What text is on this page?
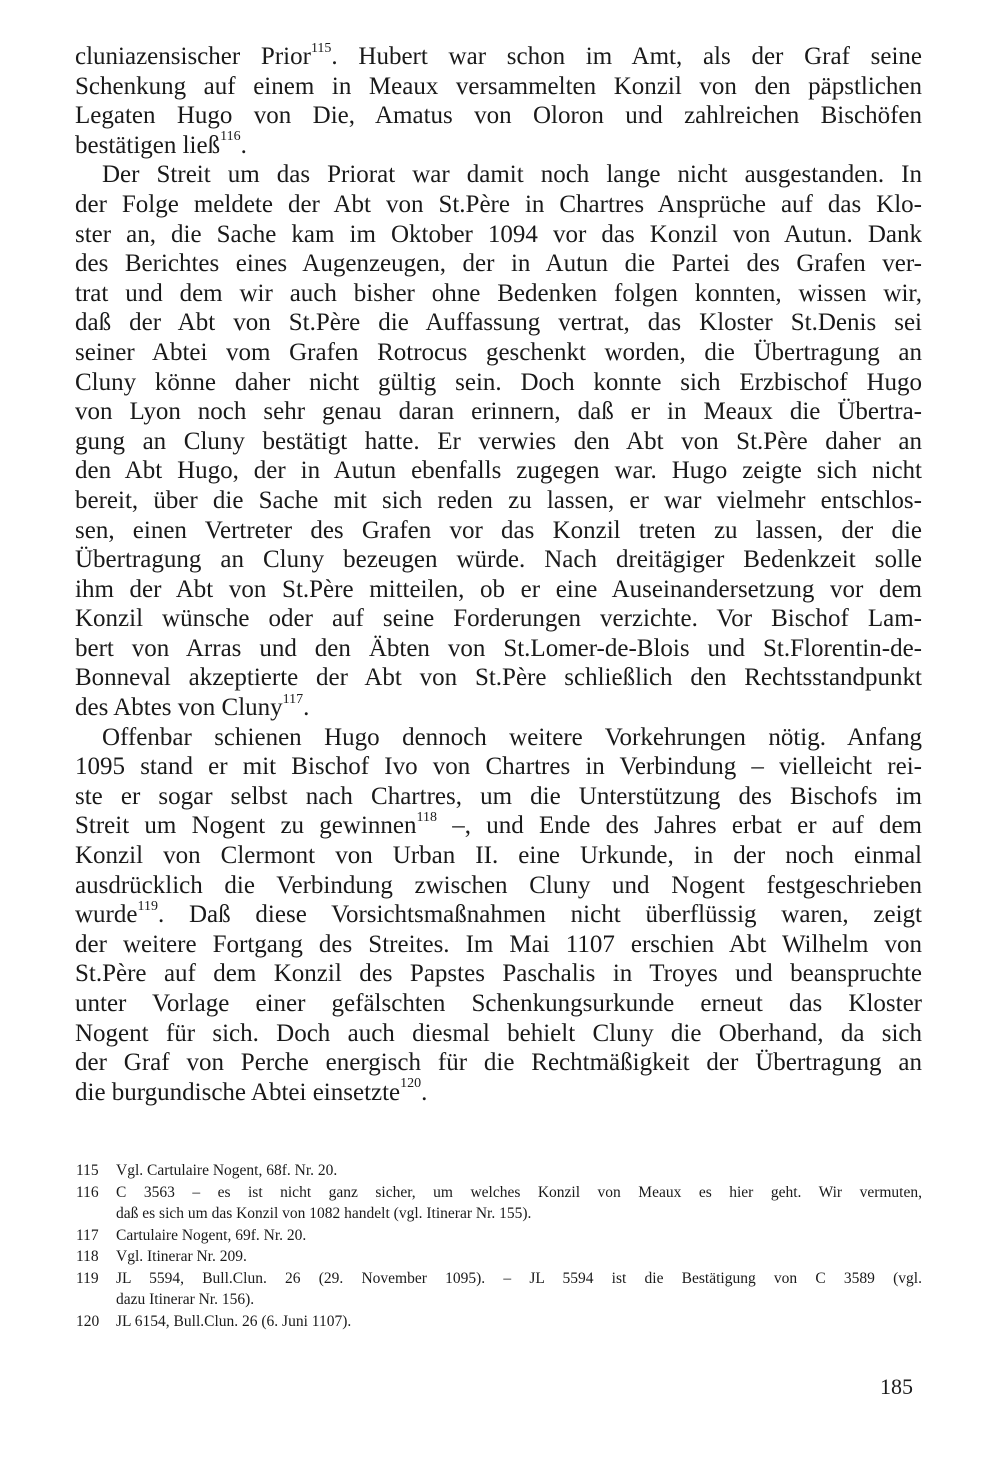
cluniazensischer Prior$^{115}$. Hubert war schon im Amt, als der Graf seine
Schenkung auf einem in Meaux versammelten Konzil von den päpstlichen
Legaten Hugo von Die, Amatus von Oloron und zahlreichen Bischöfen
bestätigen ließ$^{116}$.
Der Streit um das Priorat war damit noch lange nicht ausgestanden. In
der Folge meldete der Abt von St.Père in Chartres Ansprüche auf das Klo-
ster an, die Sache kam im Oktober 1094 vor das Konzil von Autun. Dank
des Berichtes eines Augenzeugen, der in Autun die Partei des Grafen ver-
trat und dem wir auch bisher ohne Bedenken folgen konnten, wissen wir,
daß der Abt von St.Père die Auffassung vertrat, das Kloster St.Denis sei
seiner Abtei vom Grafen Rotrocus geschenkt worden, die Übertragung an
Cluny könne daher nicht gültig sein. Doch konnte sich Erzbischof Hugo
von Lyon noch sehr genau daran erinnern, daß er in Meaux die Übertra-
gung an Cluny bestätigt hatte. Er verwies den Abt von St.Père daher an
den Abt Hugo, der in Autun ebenfalls zugegen war. Hugo zeigte sich nicht
bereit, über die Sache mit sich reden zu lassen, er war vielmehr entschlos-
sen, einen Vertreter des Grafen vor das Konzil treten zu lassen, der die
Übertragung an Cluny bezeugen würde. Nach dreitägiger Bedenkzeit solle
ihm der Abt von St.Père mitteilen, ob er eine Auseinandersetzung vor dem
Konzil wünsche oder auf seine Forderungen verzichte. Vor Bischof Lam-
bert von Arras und den Äbten von St.Lomer-de-Blois und St.Florentin-de-
Bonneval akzeptierte der Abt von St.Père schließlich den Rechtsstandpunkt
des Abtes von Cluny$^{117}$.
Offenbar schienen Hugo dennoch weitere Vorkehrungen nötig. Anfang
1095 stand er mit Bischof Ivo von Chartres in Verbindung – vielleicht rei-
ste er sogar selbst nach Chartres, um die Unterstützung des Bischofs im
Streit um Nogent zu gewinnen$^{118}$ –, und Ende des Jahres erbat er auf dem
Konzil von Clermont von Urban II. eine Urkunde, in der noch einmal
ausdrücklich die Verbindung zwischen Cluny und Nogent festgeschrieben
wurde$^{119}$. Daß diese Vorsichtsmaßnahmen nicht überflüssig waren, zeigt
der weitere Fortgang des Streites. Im Mai 1107 erschien Abt Wilhelm von
St.Père auf dem Konzil des Papstes Paschalis in Troyes und beanspruchte
unter Vorlage einer gefälschten Schenkungsurkunde erneut das Kloster
Nogent für sich. Doch auch diesmal behielt Cluny die Oberhand, da sich
der Graf von Perche energisch für die Rechtmäßigkeit der Übertragung an
die burgundische Abtei einsetzte$^{120}$.
115	Vgl. Cartulaire Nogent, 68f. Nr. 20.
116	C 3563 – es ist nicht ganz sicher, um welches Konzil von Meaux es hier geht. Wir vermuten,
daß es sich um das Konzil von 1082 handelt (vgl. Itinerar Nr. 155).
117	Cartulaire Nogent, 69f. Nr. 20.
118	Vgl. Itinerar Nr. 209.
119	JL 5594, Bull.Clun. 26 (29. November 1095). – JL 5594 ist die Bestätigung von C 3589 (vgl.
dazu Itinerar Nr. 156).
120	JL 6154, Bull.Clun. 26 (6. Juni 1107).
185
